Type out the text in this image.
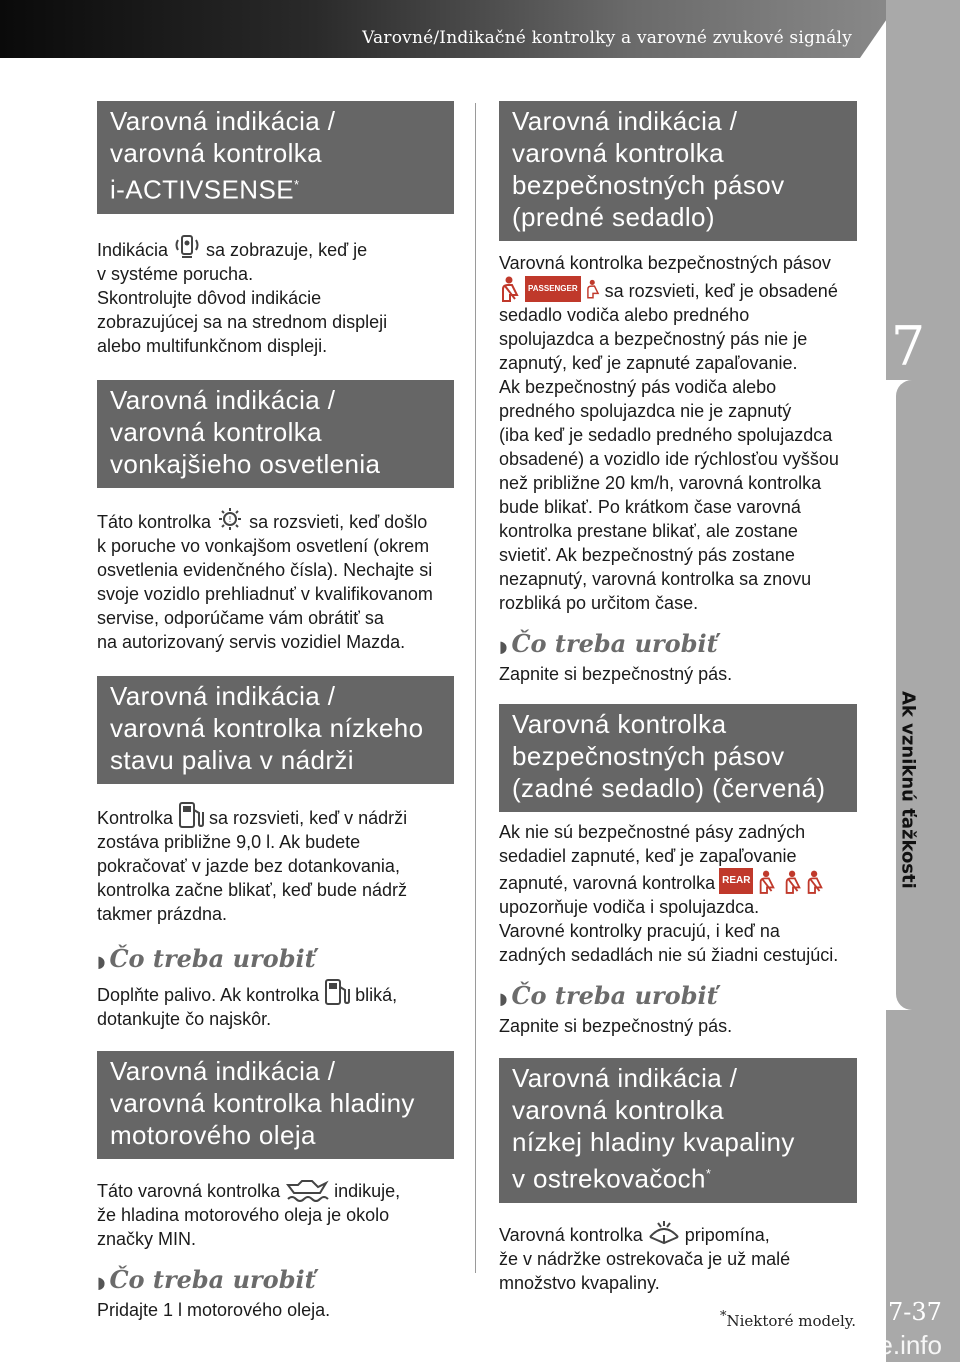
Varovné/Indikačné kontrolky a varovné zvukové signály
7
Ak vzniknú ťažkosti
Varovná indikácia /
varovná kontrolka
i-ACTIVSENSE*

Indikácia sa zobrazuje, keď je
v systéme porucha.
Skontrolujte dôvod indikácie
zobrazujúcej sa na strednom displeji
alebo multifunkčnom displeji.

Varovná indikácia /
varovná kontrolka
vonkajšieho osvetlenia

Táto kontrolka ! sa rozsvieti, keď došlo
k poruche vo vonkajšom osvetlení (okrem
osvetlenia evidenčného čísla). Nechajte si
svoje vozidlo prehliadnuť v kvalifikovanom
servise, odporúčame vám obrátiť sa
na autorizovaný servis vozidiel Mazda.

Varovná indikácia /
varovná kontrolka nízkeho
stavu paliva v nádrži

Kontrolka sa rozsvieti, keď v nádrži
zostáva približne 9,0 l. Ak budete
pokračovať v jazde bez dotankovania,
kontrolka začne blikať, keď bude nádrž
takmer prázdna.

◗ Čo treba urobiť

Doplňte palivo. Ak kontrolka bliká,
dotankujte čo najskôr.

Varovná indikácia /
varovná kontrolka hladiny
motorového oleja

Táto varovná kontrolka	indikuje,
že hladina motorového oleja je okolo
značky MIN.

◗ Čo treba urobiť

Pridajte 1 l motorového oleja.

Varovná indikácia /
varovná kontrolka
bezpečnostných pásov
(predné sedadlo)

Varovná kontrolka bezpečnostných pásov
PASSENGER sa rozsvieti, keď je obsadené
sedadlo vodiča alebo predného
spolujazdca a bezpečnostný pás nie je
zapnutý, keď je zapnuté zapaľovanie.
Ak bezpečnostný pás vodiča alebo
predného spolujazdca nie je zapnutý
(iba keď je sedadlo predného spolujazdca
obsadené) a vozidlo ide rýchlosťou vyššou
než približne 20 km/h, varovná kontrolka
bude blikať. Po krátkom čase varovná
kontrolka prestane blikať, ale zostane
svietiť. Ak bezpečnostný pás zostane
nezapnutý, varovná kontrolka sa znovu
rozbliká po určitom čase.

◗ Čo treba urobiť

Zapnite si bezpečnostný pás.

Varovná kontrolka
bezpečnostných pásov
(zadné sedadlo) (červená)

Ak nie sú bezpečnostné pásy zadných
sedadiel zapnuté, keď je zapaľovanie
zapnuté, varovná kontrolka REAR
upozorňuje vodiča i spolujazdca.
Varovné kontrolky pracujú, i keď na
zadných sedadlách nie sú žiadni cestujúci.

◗ Čo treba urobiť

Zapnite si bezpečnostný pás.

Varovná indikácia /
varovná kontrolka
nízkej hladiny kvapaliny
v ostrekovačoch*

Varovná kontrolka pripomína,
že v nádržke ostrekovača je už malé
množstvo kvapaliny.

*Niektoré modely. 7-37
carmanualsonline.info
